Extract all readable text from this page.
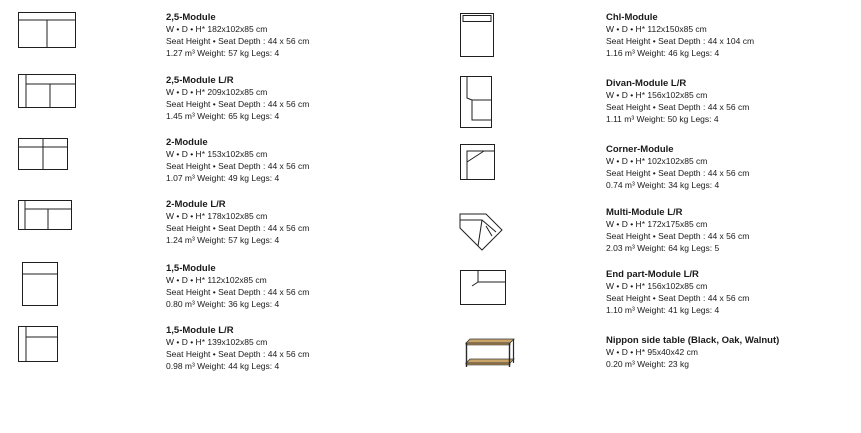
2,5-Module
W • D • H* 182x102x85 cm
Seat Height • Seat Depth : 44 x 56 cm
1.27 m³ Weight: 57 kg Legs: 4
2,5-Module L/R
W • D • H* 209x102x85 cm
Seat Height • Seat Depth : 44 x 56 cm
1.45 m³ Weight: 65 kg Legs: 4
2-Module
W • D • H* 153x102x85 cm
Seat Height • Seat Depth : 44 x 56 cm
1.07 m³ Weight: 49 kg Legs: 4
2-Module L/R
W • D • H* 178x102x85 cm
Seat Height • Seat Depth : 44 x 56 cm
1.24 m³ Weight: 57 kg Legs: 4
1,5-Module
W • D • H* 112x102x85 cm
Seat Height • Seat Depth : 44 x 56 cm
0.80 m³ Weight: 36 kg Legs: 4
1,5-Module L/R
W • D • H* 139x102x85 cm
Seat Height • Seat Depth : 44 x 56 cm
0.98 m³ Weight: 44 kg Legs: 4
Chl-Module
W • D • H* 112x150x85 cm
Seat Height • Seat Depth : 44 x 104 cm
1.16 m³ Weight: 46 kg Legs: 4
Divan-Module L/R
W • D • H* 156x102x85 cm
Seat Height • Seat Depth : 44 x 56 cm
1.11 m³ Weight: 50 kg Legs: 4
Corner-Module
W • D • H* 102x102x85 cm
Seat Height • Seat Depth : 44 x 56 cm
0.74 m³ Weight: 34 kg Legs: 4
Multi-Module L/R
W • D • H* 172x175x85 cm
Seat Height • Seat Depth : 44 x 56 cm
2.03 m³ Weight: 64 kg Legs: 5
End part-Module L/R
W • D • H* 156x102x85 cm
Seat Height • Seat Depth : 44 x 56 cm
1.10 m³ Weight: 41 kg Legs: 4
Nippon side table (Black, Oak, Walnut)
W • D • H* 95x40x42 cm
0.20 m³ Weight: 23 kg
